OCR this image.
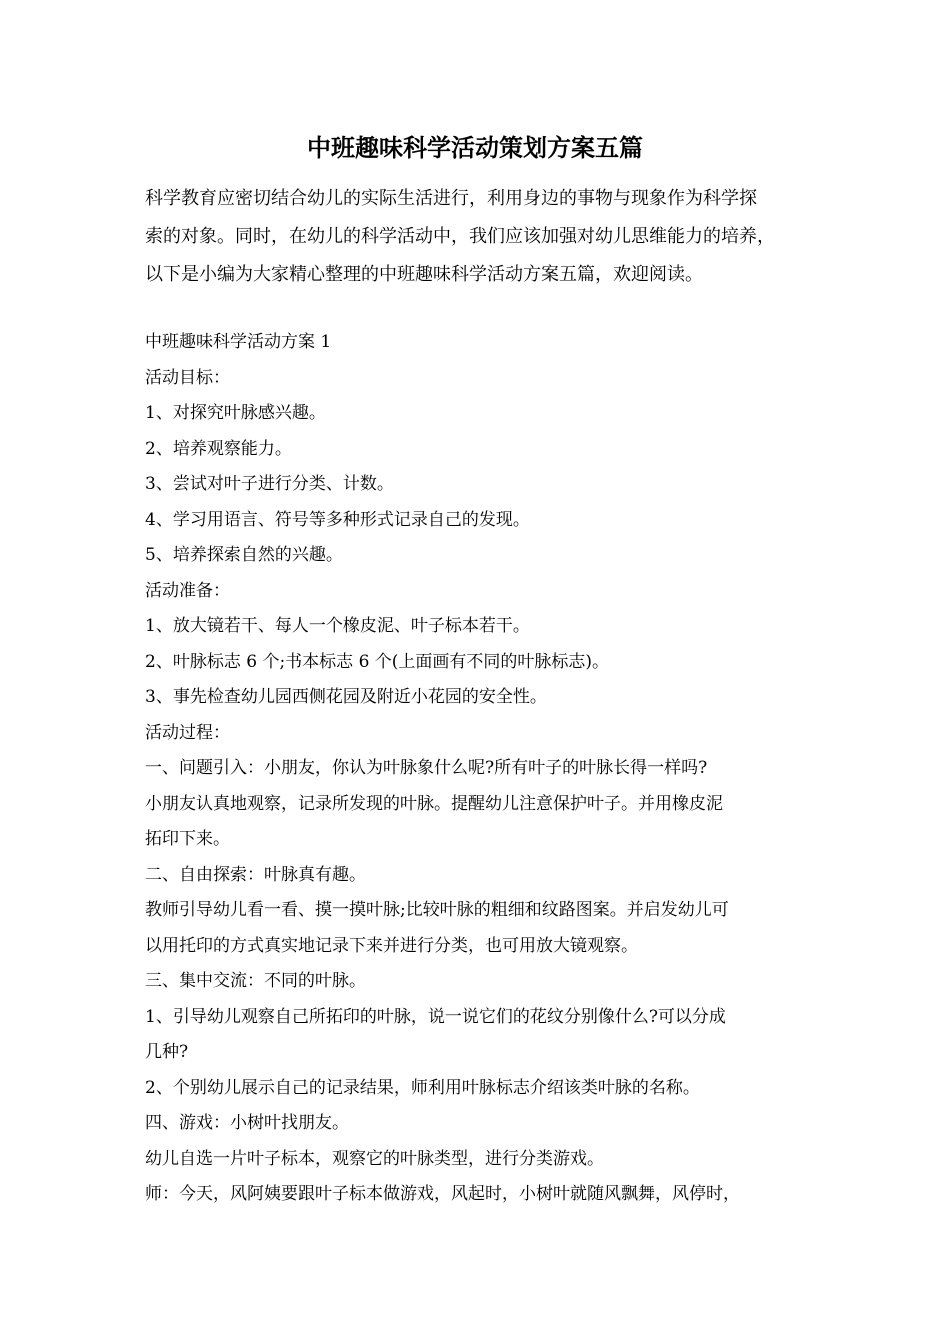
中班趣味科学活动策划方案五篇
科学教育应密切结合幼儿的实际生活进行，利用身边的事物与现象作为科学探
索的对象。同时，在幼儿的科学活动中，我们应该加强对幼儿思维能力的培养，
以下是小编为大家精心整理的中班趣味科学活动方案五篇，欢迎阅读。
中班趣味科学活动方案 1
活动目标：
1、对探究叶脉感兴趣。
2、培养观察能力。
3、尝试对叶子进行分类、计数。
4、学习用语言、符号等多种形式记录自己的发现。
5、培养探索自然的兴趣。
活动准备：
1、放大镜若干、每人一个橡皮泥、叶子标本若干。
2、叶脉标志 6 个;书本标志 6 个(上面画有不同的叶脉标志)。
3、事先检查幼儿园西侧花园及附近小花园的安全性。
活动过程：
一、问题引入：小朋友，你认为叶脉象什么呢?所有叶子的叶脉长得一样吗?
小朋友认真地观察，记录所发现的叶脉。提醒幼儿注意保护叶子。并用橡皮泥
拓印下来。
二、自由探索：叶脉真有趣。
教师引导幼儿看一看、摸一摸叶脉;比较叶脉的粗细和纹路图案。并启发幼儿可
以用托印的方式真实地记录下来并进行分类，也可用放大镜观察。
三、集中交流：不同的叶脉。
1、引导幼儿观察自己所拓印的叶脉，说一说它们的花纹分别像什么?可以分成
几种?
2、个别幼儿展示自己的记录结果，师利用叶脉标志介绍该类叶脉的名称。
四、游戏：小树叶找朋友。
幼儿自选一片叶子标本，观察它的叶脉类型，进行分类游戏。
师：今天，风阿姨要跟叶子标本做游戏，风起时，小树叶就随风飘舞，风停时，
